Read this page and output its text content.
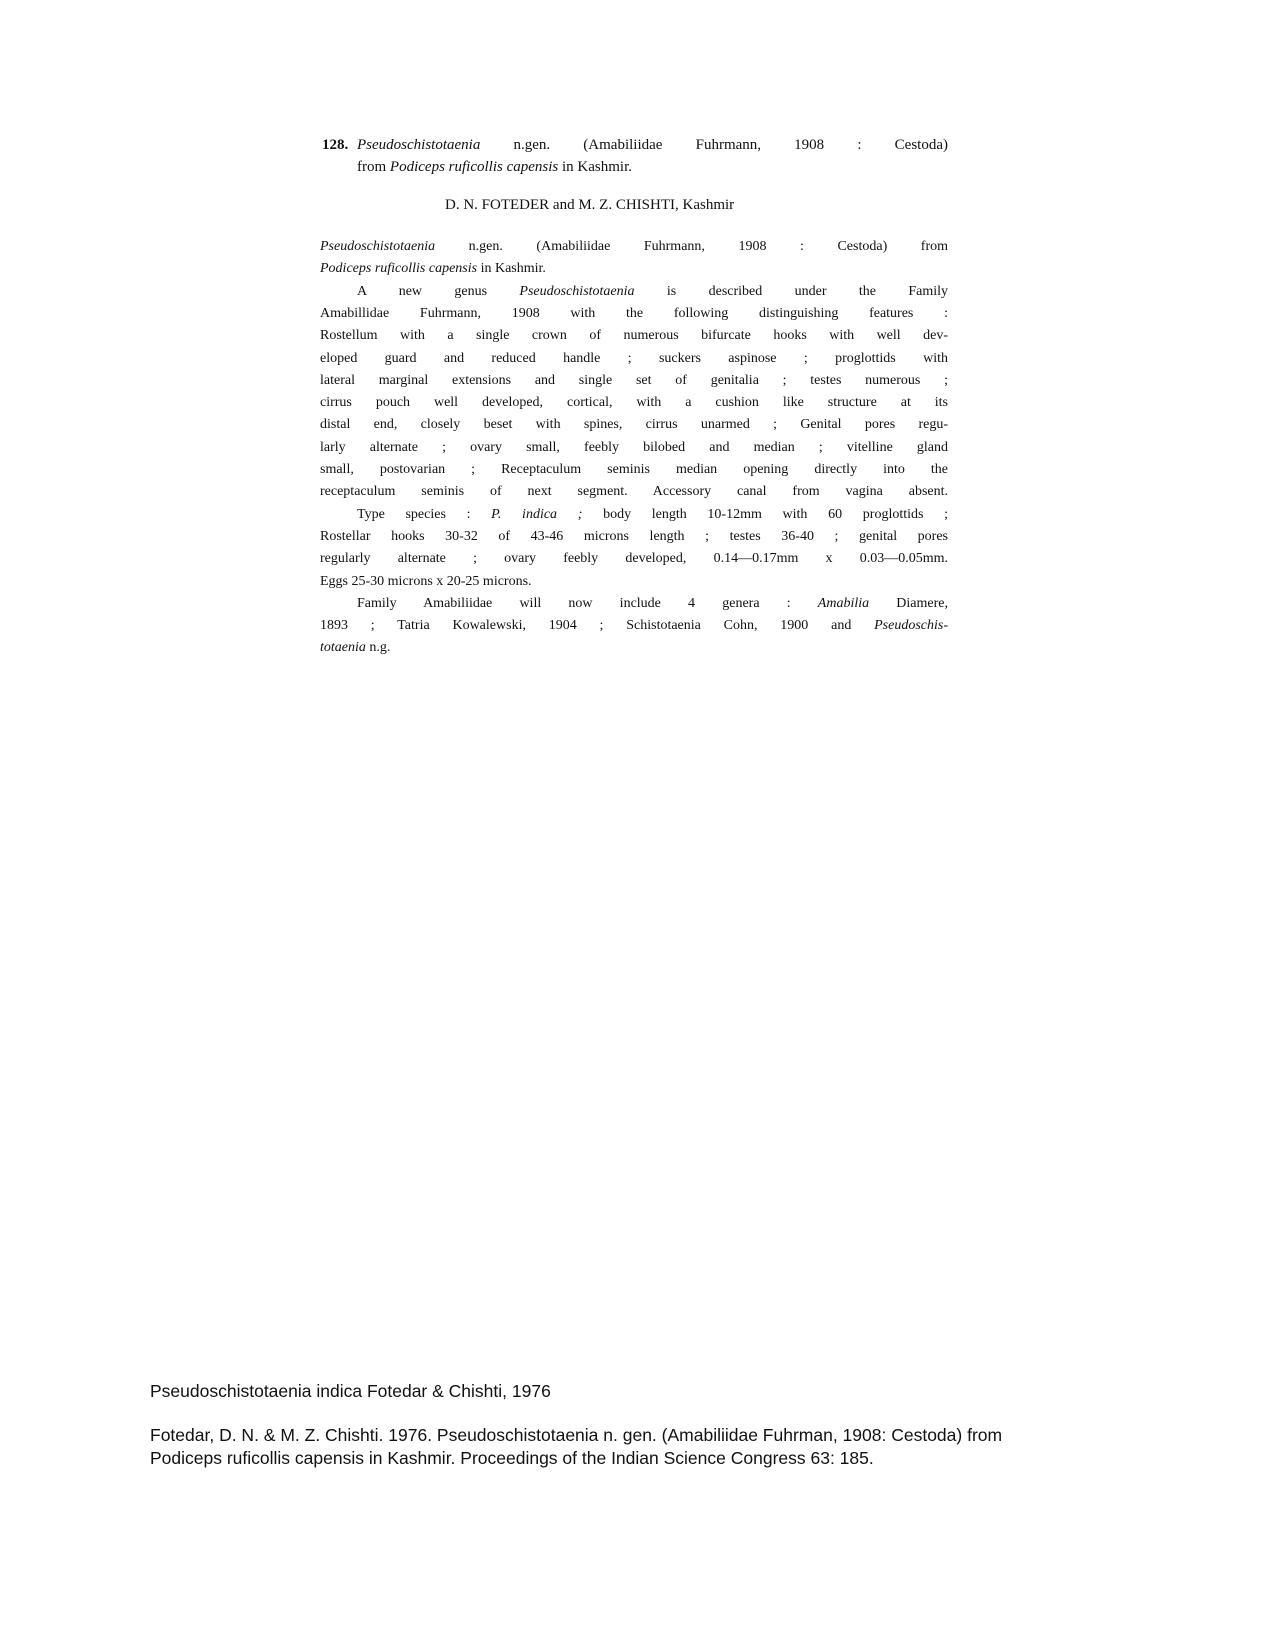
128. Pseudoschistotaenia n.gen. (Amabiliidae Fuhrmann, 1908 : Cestoda)
from Podiceps ruficollis capensis in Kashmir.
D. N. FOTEDER and M. Z. CHISHTI, Kashmir
Pseudoschistotaenia n.gen. (Amabiliidae Fuhrmann, 1908 : Cestoda) from
Podiceps ruficollis capensis in Kashmir.
A new genus Pseudoschistotaenia is described under the Family
Amabillidae Fuhrmann, 1908 with the following distinguishing features :
Rostellum with a single crown of numerous bifurcate hooks with well dev-
eloped guard and reduced handle ; suckers aspinose ; proglottids with
lateral marginal extensions and single set of genitalia ; testes numerous ;
cirrus pouch well developed, cortical, with a cushion like structure at its
distal end, closely beset with spines, cirrus unarmed ; Genital pores regu-
larly alternate ; ovary small, feebly bilobed and median ; vitelline gland
small, postovarian ; Receptaculum seminis median opening directly into the
receptaculum seminis of next segment. Accessory canal from vagina absent.
Type species : P. indica ; body length 10-12mm with 60 proglottids ;
Rostellar hooks 30-32 of 43-46 microns length ; testes 36-40 ; genital pores
regularly alternate ; ovary feebly developed, 0.14—0.17mm x 0.03—0.05mm.
Eggs 25-30 microns x 20-25 microns.
Family Amabiliidae will now include 4 genera : Amabilia Diamere,
1893 ; Tatria Kowalewski, 1904 ; Schistotaenia Cohn, 1900 and Pseudoschis-
totaenia n.g.
Pseudoschistotaenia indica Fotedar & Chishti, 1976
Fotedar, D. N. & M. Z. Chishti. 1976. Pseudoschistotaenia n. gen. (Amabiliidae Fuhrman, 1908: Cestoda) from
Podiceps ruficollis capensis in Kashmir. Proceedings of the Indian Science Congress 63: 185.
